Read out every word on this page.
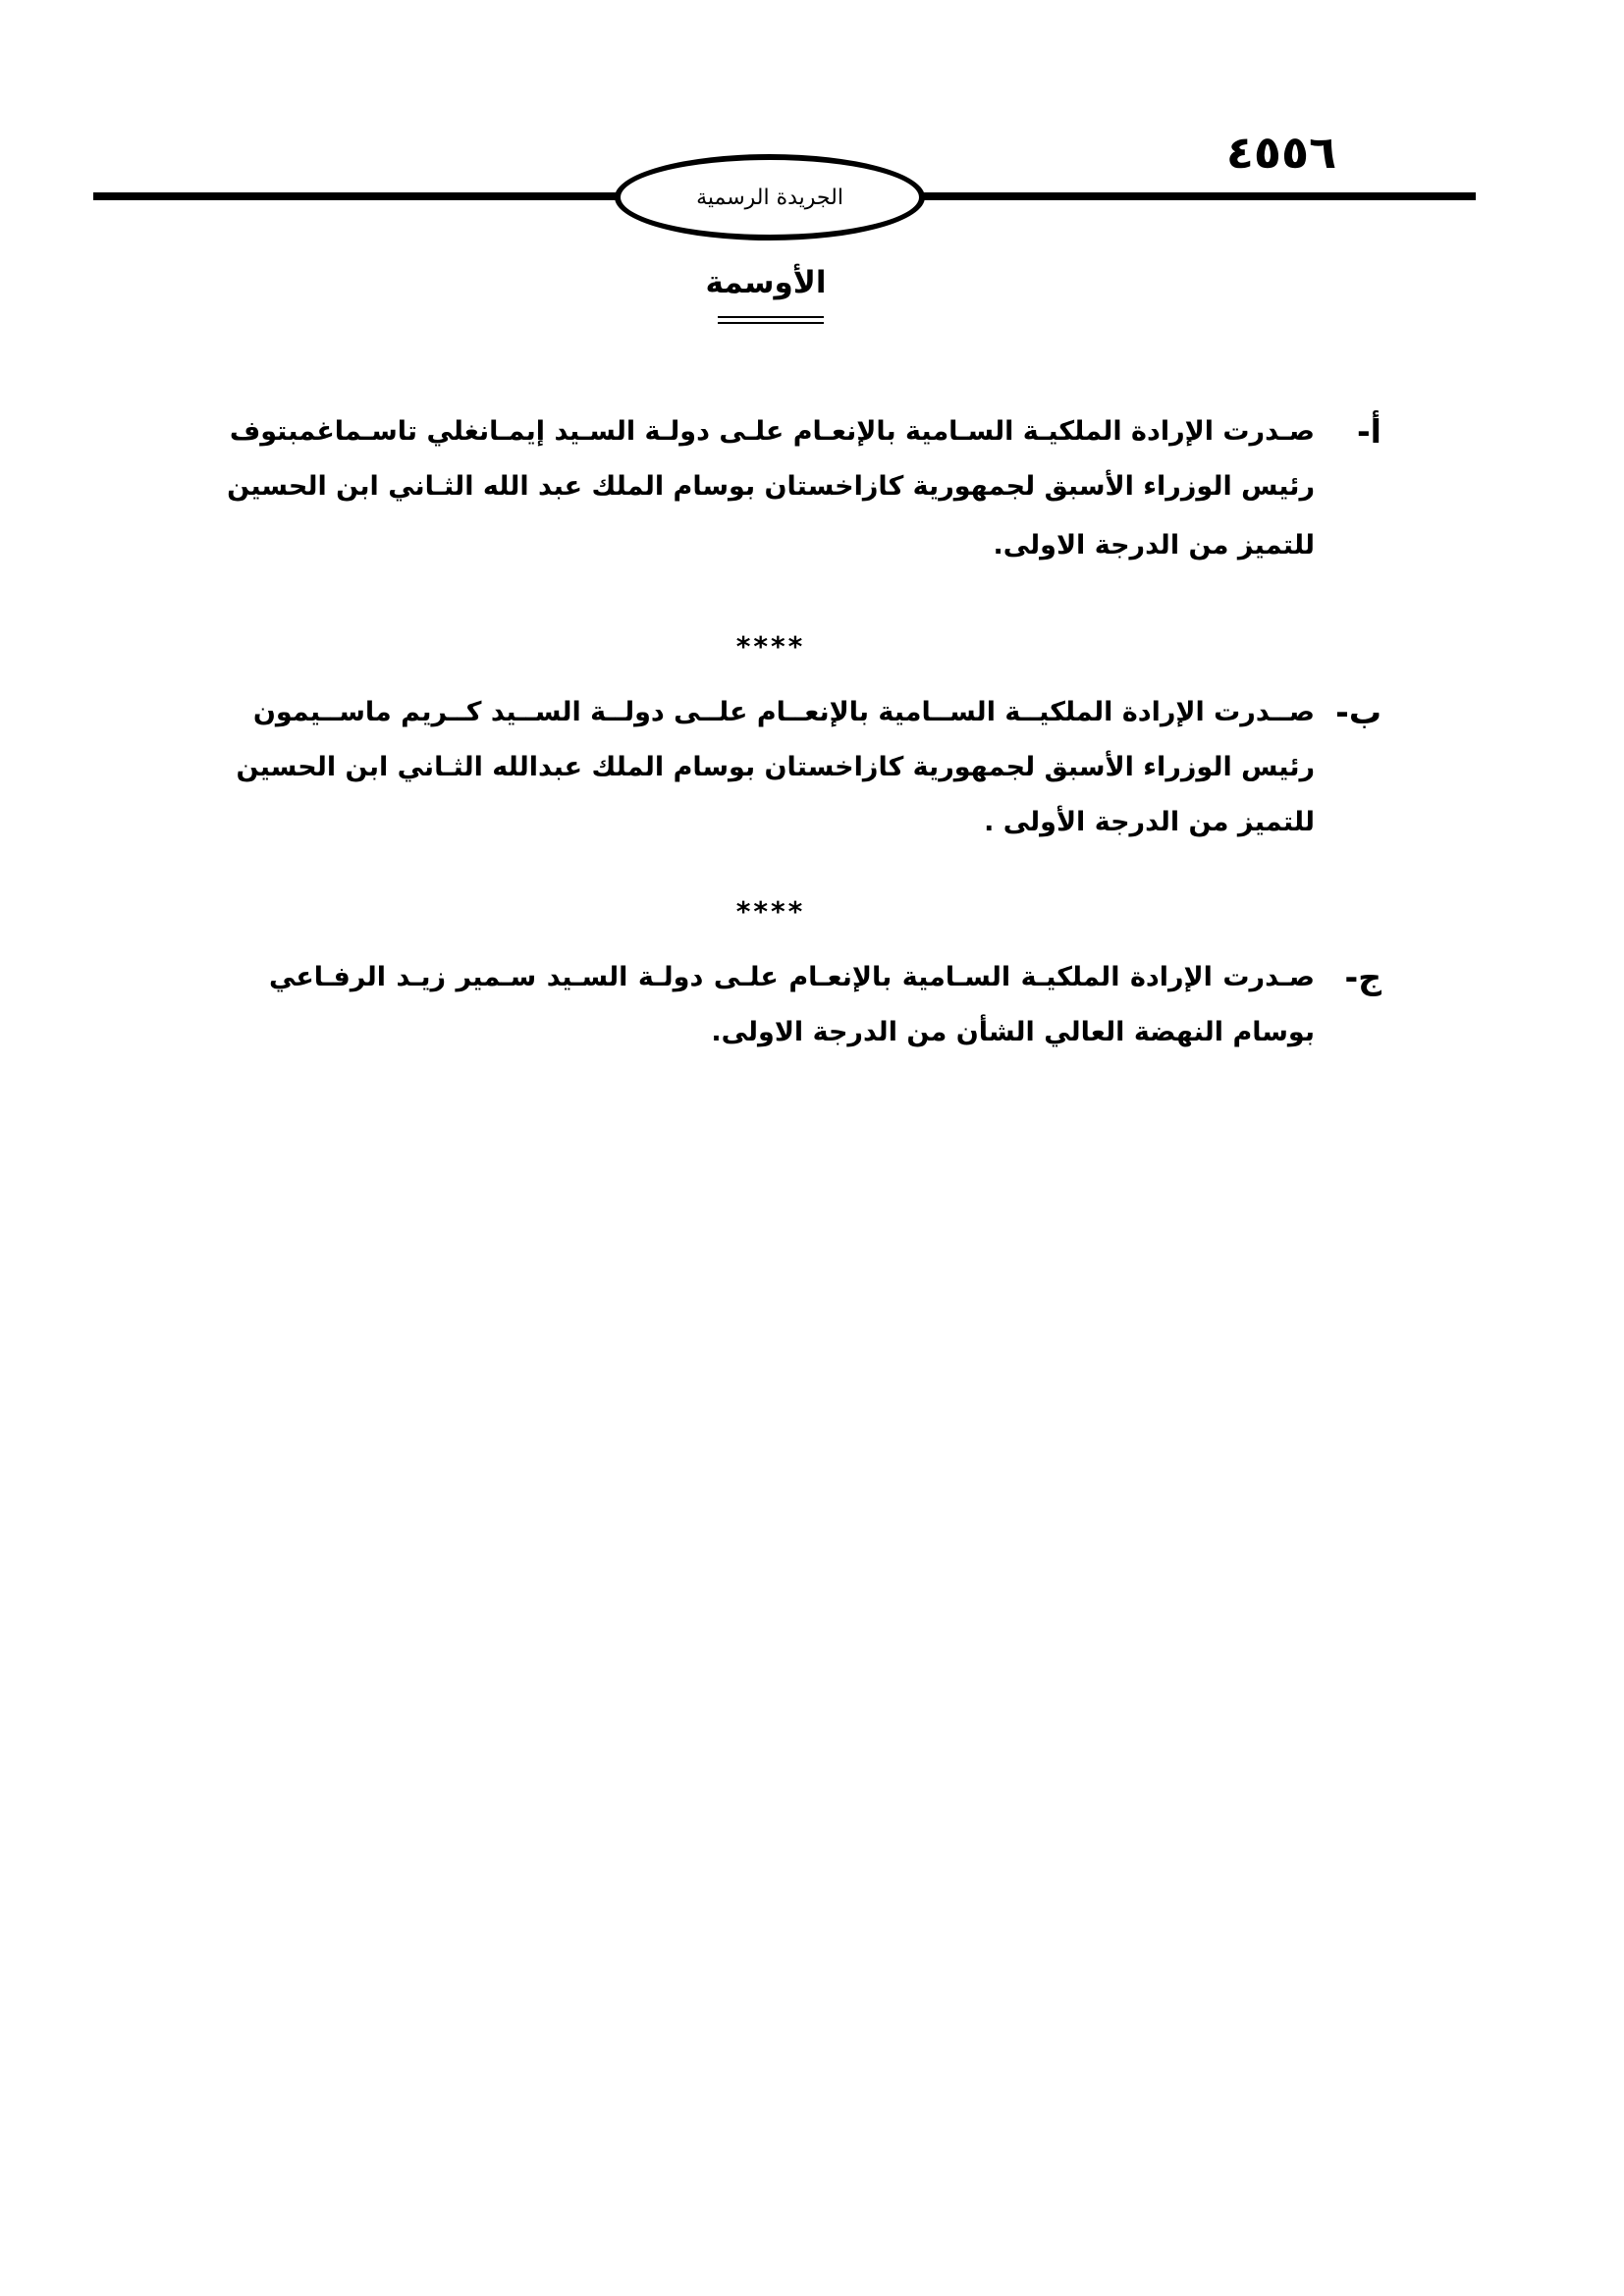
الجريدة الرسمية
٤٥٥٦
الأوسمة
أ-
صـدرت الإرادة الملكيـة السـامية بالإنعـام علـى دولـة السـيد إيمـانغلي تاسـماغمبتوف
رئيس الوزراء الأسبق لجمهورية كازاخستان بوسام الملك عبد الله الثـاني ابن الحسين
للتميز من الدرجة الاولى.
****
ب-
صــدرت الإرادة الملكيــة الســامية بالإنعــام علــى دولــة الســيد كــريم ماســيمون
رئيس الوزراء الأسبق لجمهورية كازاخستان بوسام الملك عبدالله الثـاني ابن الحسين
للتميز من الدرجة الأولى .
****
ج-
صـدرت الإرادة الملكيـة السـامية بالإنعـام علـى دولـة السـيد سـمير زيـد الرفـاعي
بوسام النهضة العالي الشأن من الدرجة الاولى.
